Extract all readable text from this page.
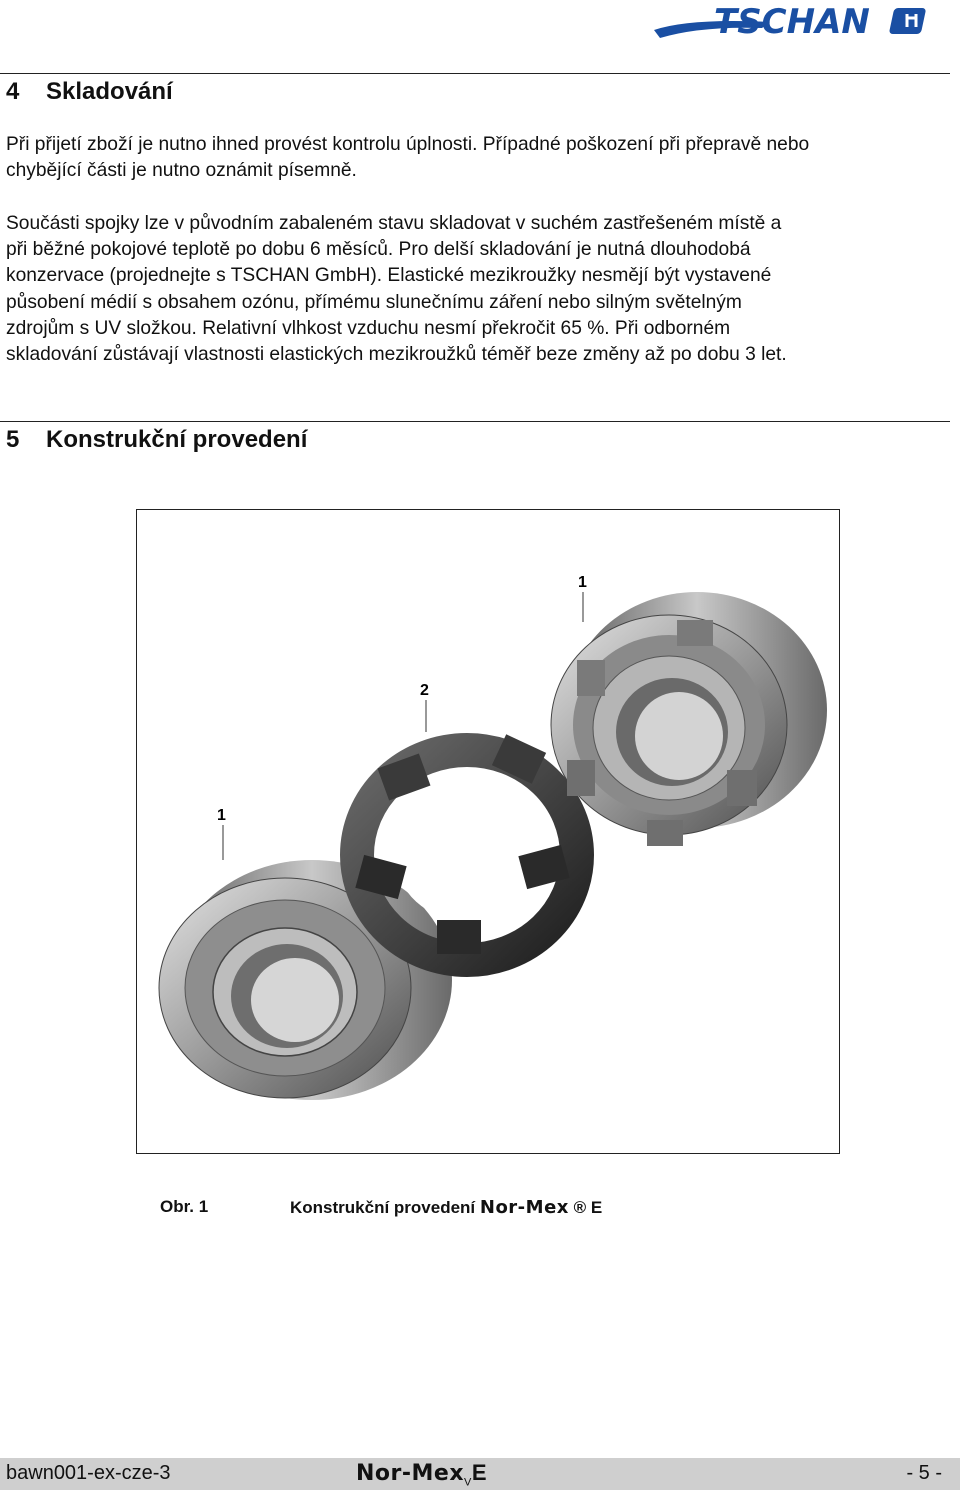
TSCHAN
4 Skladování

Při přijetí zboží je nutno ihned provést kontrolu úplnosti. Případné poškození při přepravě nebo
chybějící části je nutno oznámit písemně.

Součásti spojky lze v původním zabaleném stavu skladovat v suchém zastřešeném místě a
při běžné pokojové teplotě po dobu 6 měsíců. Pro delší skladování je nutná dlouhodobá
konzervace (projednejte s TSCHAN GmbH). Elastické mezikroužky nesmějí být vystavené
působení médií s obsahem ozónu, přímému slunečnímu záření nebo silným světelným
zdrojům s UV složkou. Relativní vlhkost vzduchu nesmí překročit 65 %. Při odborném
skladování zůstávají vlastnosti elastických mezikroužků téměř beze změny až po dobu 3 let.

5 Konstrukční provedení
1
2
1
Obr. 1	Konstrukční provedení Nor-Mex ® E
bawn001-ex-cze-3	Nor-Mex$_V$E	- 5 -
